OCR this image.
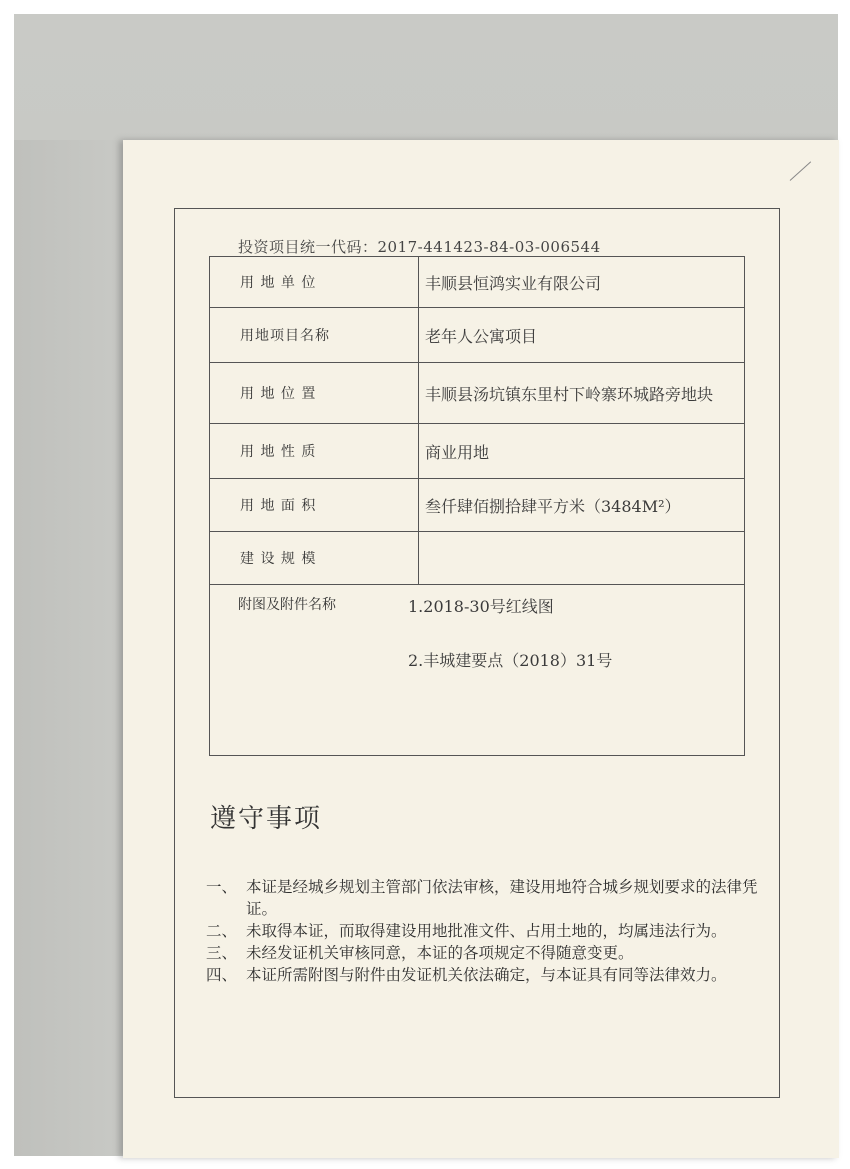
投资项目统一代码：2017-441423-84-03-006544
用 地 单 位	丰顺县恒鸿实业有限公司
用地项目名称	老年人公寓项目
用 地 位 置	丰顺县汤坑镇东里村下岭寨环城路旁地块
用 地 性 质	商业用地
用 地 面 积	叁仟肆佰捌拾肆平方米（3484M²）
建 设 规 模	

附图及附件名称	1.2018-30号红线图
2.丰城建要点（2018）31号
遵守事项
一、 本证是经城乡规划主管部门依法审核，建设用地符合城乡规划要求的法律凭证。
二、 未取得本证，而取得建设用地批准文件、占用土地的，均属违法行为。
三、 未经发证机关审核同意，本证的各项规定不得随意变更。
四、 本证所需附图与附件由发证机关依法确定，与本证具有同等法律效力。
